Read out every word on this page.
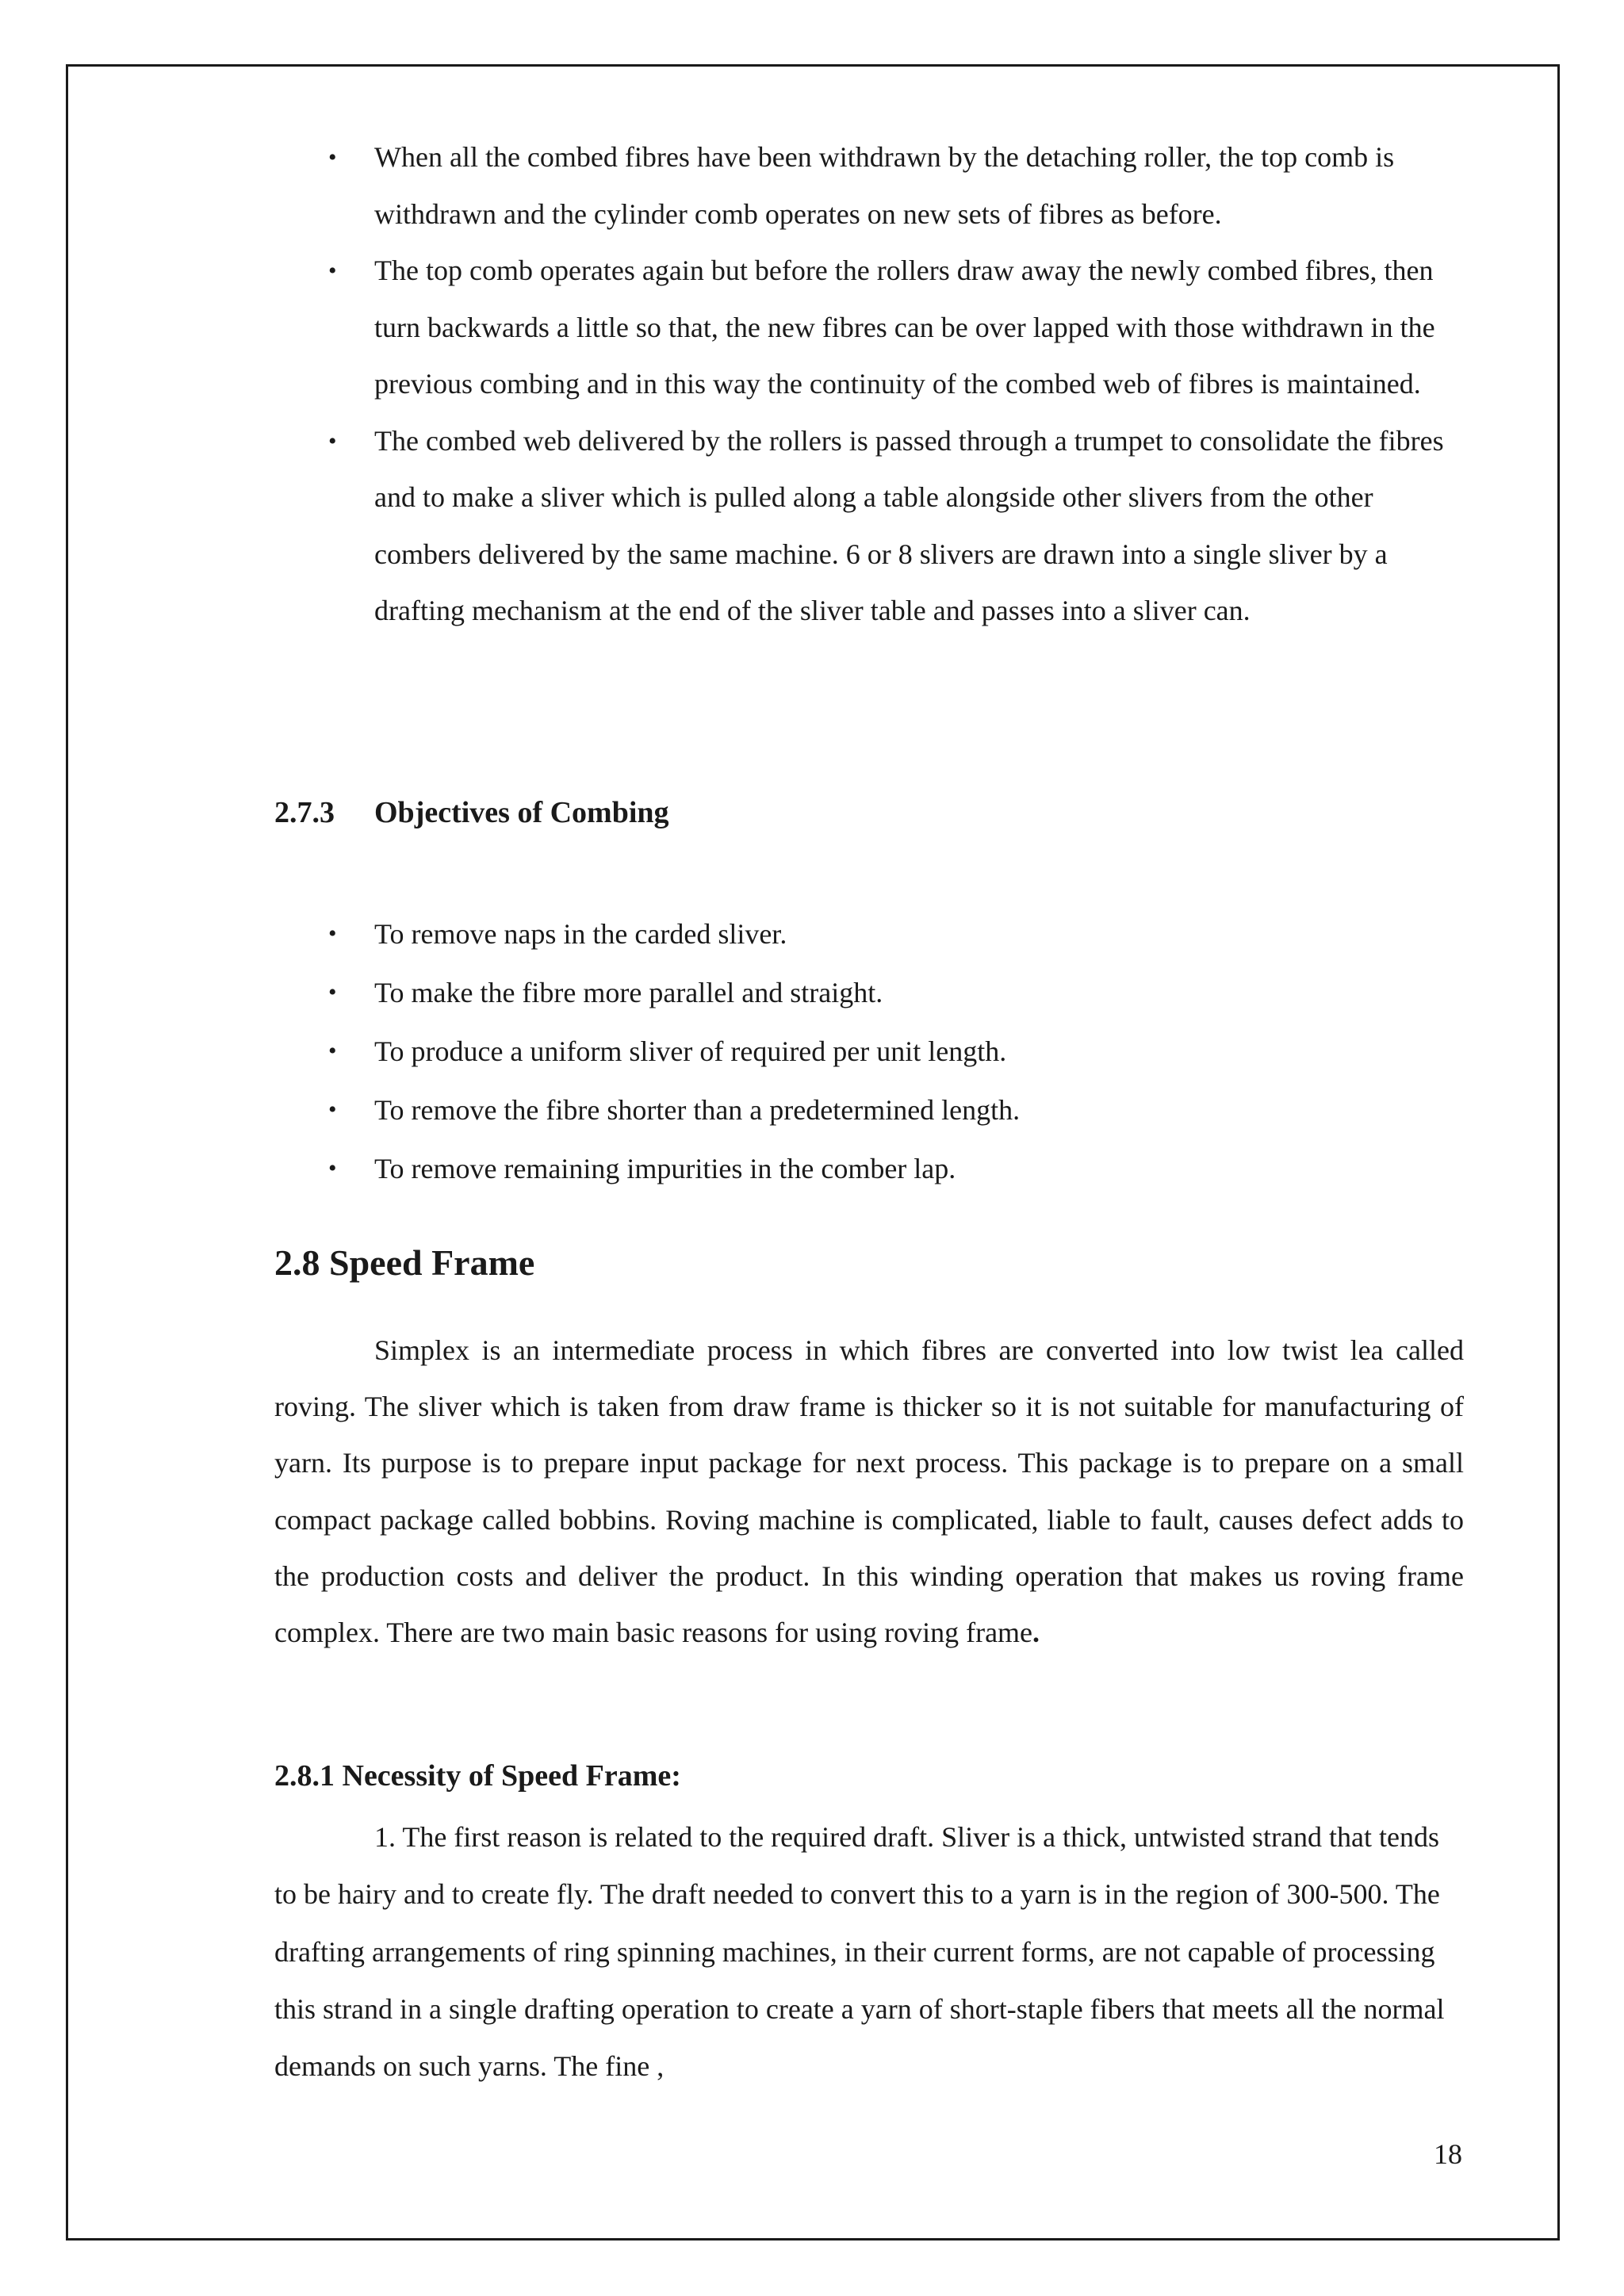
• When all the combed fibres have been withdrawn by the detaching roller, the top comb is withdrawn and the cylinder comb operates on new sets of fibres as before.
• The top comb operates again but before the rollers draw away the newly combed fibres, then turn backwards a little so that, the new fibres can be over lapped with those withdrawn in the previous combing and in this way the continuity of the combed web of fibres is maintained.
• The combed web delivered by the rollers is passed through a trumpet to consolidate the fibres and to make a sliver which is pulled along a table alongside other slivers from the other combers delivered by the same machine. 6 or 8 slivers are drawn into a single sliver by a drafting mechanism at the end of the sliver table and passes into a sliver can.
2.7.3 Objectives of Combing
• To remove naps in the carded sliver.
• To make the fibre more parallel and straight.
• To produce a uniform sliver of required per unit length.
• To remove the fibre shorter than a predetermined length.
• To remove remaining impurities in the comber lap.
2.8 Speed Frame

Simplex is an intermediate process in which fibres are converted into low twist lea called roving. The sliver which is taken from draw frame is thicker so it is not suitable for manufacturing of yarn. Its purpose is to prepare input package for next process. This package is to prepare on a small compact package called bobbins. Roving machine is complicated, liable to fault, causes defect adds to the production costs and deliver the product. In this winding operation that makes us roving frame complex. There are two main basic reasons for using roving frame.

2.8.1 Necessity of Speed Frame:

1. The first reason is related to the required draft. Sliver is a thick, untwisted strand that tends to be hairy and to create fly. The draft needed to convert this to a yarn is in the region of 300-500. The drafting arrangements of ring spinning machines, in their current forms, are not capable of processing this strand in a single drafting operation to create a yarn of short-staple fibers that meets all the normal demands on such yarns. The fine ,

18
